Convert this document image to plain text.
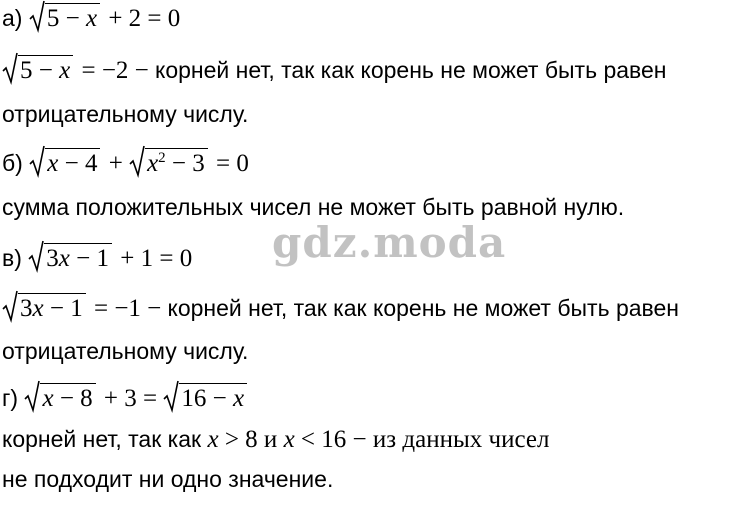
gdz.moda
а) 5 − x + 2 = 0
5 − x = −2 − корней нет, так как корень не может быть равен
отрицательному числу.
б) x − 4 +
$x^2 - 3 = 0$
сумма положительных чисел не может быть равной нулю.
в) 3x − 1 + 1 = 0
3x − 1 = −1 − корней нет, так как корень не может быть равен
отрицательному числу.
г) x − 8 + 3 =
16 − x
корней нет, так как x > 8 и x < 16 − из данных чисел
не подходит ни одно значение.
